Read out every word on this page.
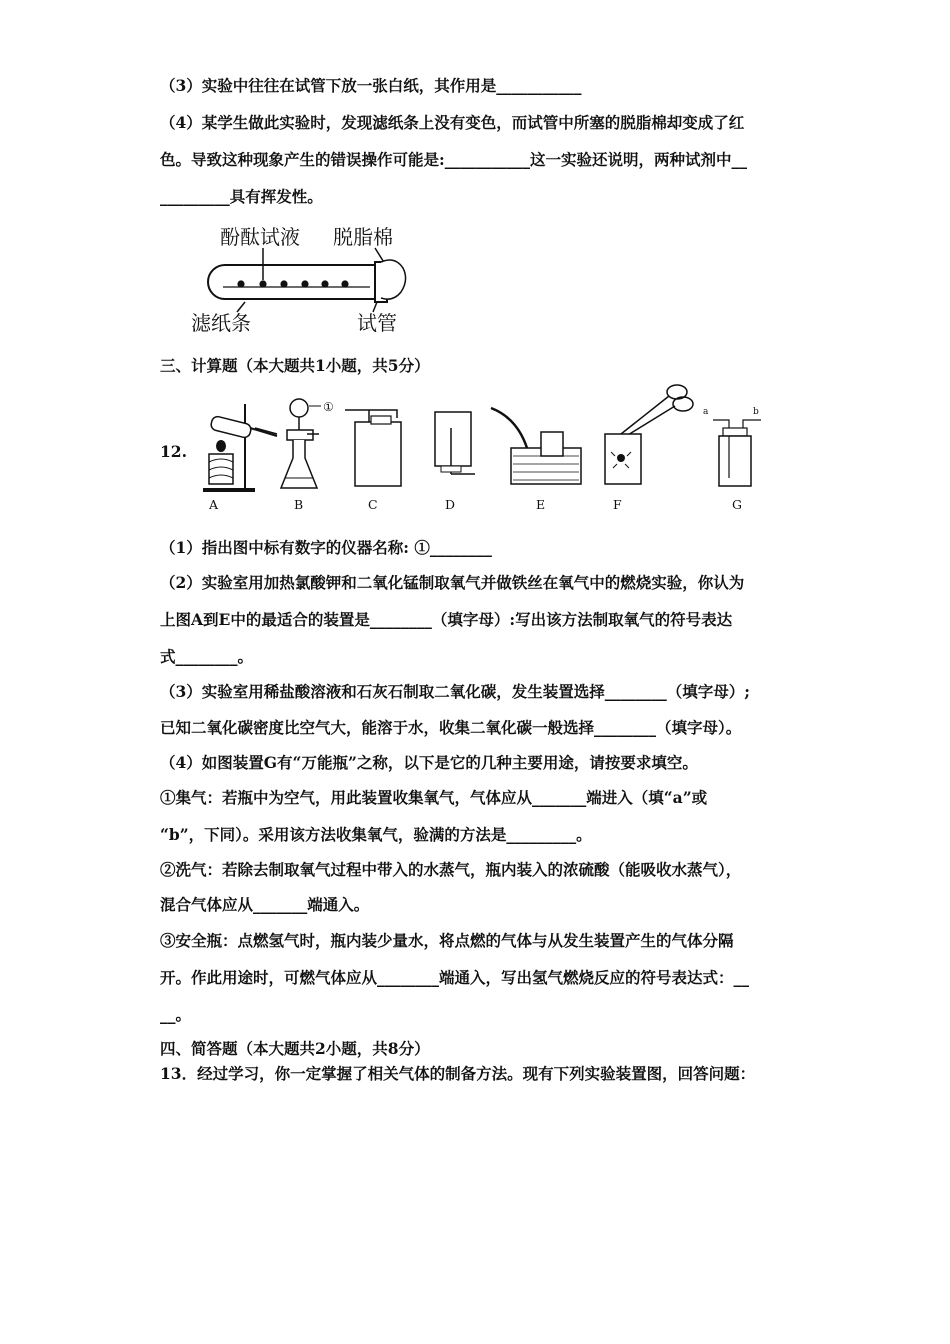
（3）实验中往往在试管下放一张白纸，其作用是___________
（4）某学生做此实验时，发现滤纸条上没有变色，而试管中所塞的脱脂棉却变成了红
色。导致这种现象产生的错误操作可能是:___________这一实验还说明，两种试剂中__
_________具有挥发性。
酚酞试液 脱脂棉
滤纸条	试管
三、计算题（本大题共1小题，共5分）
12.
A
①
B	C	D	E	F
a	b
G
（1）指出图中标有数字的仪器名称: ①________
（2）实验室用加热氯酸钾和二氧化锰制取氧气并做铁丝在氧气中的燃烧实验，你认为
上图A到E中的最适合的装置是________（填字母）:写出该方法制取氧气的符号表达
式________。
（3）实验室用稀盐酸溶液和石灰石制取二氧化碳，发生装置选择________（填字母）;
已知二氧化碳密度比空气大，能溶于水，收集二氧化碳一般选择________（填字母）。
（4）如图装置G有“万能瓶”之称，以下是它的几种主要用途，请按要求填空。
①集气：若瓶中为空气，用此装置收集氧气，气体应从_______端进入（填“a”或
“b”，下同）。采用该方法收集氧气，验满的方法是_________。
②洗气：若除去制取氧气过程中带入的水蒸气，瓶内装入的浓硫酸（能吸收水蒸气），
混合气体应从_______端通入。
③安全瓶：点燃氢气时，瓶内装少量水，将点燃的气体与从发生装置产生的气体分隔
开。作此用途时，可燃气体应从________端通入，写出氢气燃烧反应的符号表达式：__
__。
四、简答题（本大题共2小题，共8分）
13．经过学习，你一定掌握了相关气体的制备方法。现有下列实验装置图，回答问题：
